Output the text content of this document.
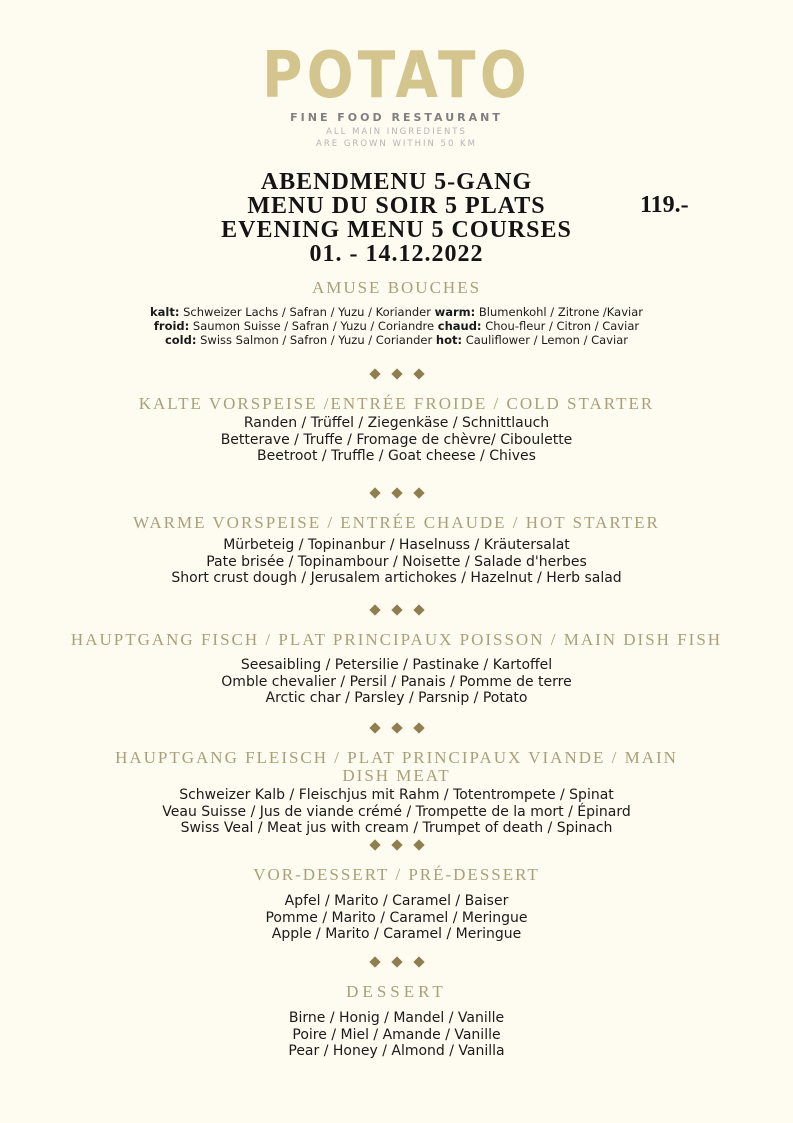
POTATO
FINE FOOD RESTAURANT
ALL MAIN INGREDIENTS
ARE GROWN WITHIN 50 KM
ABENDMENU 5-GANG
MENU DU SOIR 5 PLATS
EVENING MENU 5 COURSES
01. - 14.12.2022
119.-
AMUSE BOUCHES
kalt: Schweizer Lachs / Safran / Yuzu / Koriander warm: Blumenkohl / Zitrone /Kaviar
froid: Saumon Suisse / Safran / Yuzu / Coriandre chaud: Chou-fleur / Citron / Caviar
cold: Swiss Salmon / Safron / Yuzu / Coriander hot: Cauliflower / Lemon / Caviar
KALTE VORSPEISE /ENTRÉE FROIDE / COLD STARTER
Randen / Trüffel / Ziegenkäse / Schnittlauch
Betterave / Truffe / Fromage de chèvre/ Ciboulette
Beetroot / Truffle / Goat cheese / Chives
WARME VORSPEISE / ENTRÉE CHAUDE / HOT STARTER
Mürbeteig / Topinanbur / Haselnuss / Kräutersalat
Pate brisée / Topinambour / Noisette / Salade d'herbes
Short crust dough / Jerusalem artichokes / Hazelnut / Herb salad
HAUPTGANG FISCH / PLAT PRINCIPAUX POISSON / MAIN DISH FISH
Seesaibling / Petersilie / Pastinake / Kartoffel
Omble chevalier / Persil / Panais / Pomme de terre
Arctic char / Parsley / Parsnip / Potato
HAUPTGANG FLEISCH / PLAT PRINCIPAUX VIANDE / MAIN DISH MEAT
Schweizer Kalb / Fleischjus mit Rahm / Totentrompete / Spinat
Veau Suisse / Jus de viande crémé / Trompette de la mort / Épinard
Swiss Veal / Meat jus with cream / Trumpet of death / Spinach
VOR-DESSERT / PRÉ-DESSERT
Apfel / Marito / Caramel / Baiser
Pomme / Marito / Caramel / Meringue
Apple / Marito / Caramel / Meringue
DESSERT
Birne / Honig / Mandel / Vanille
Poire / Miel / Amande / Vanille
Pear / Honey / Almond / Vanilla
